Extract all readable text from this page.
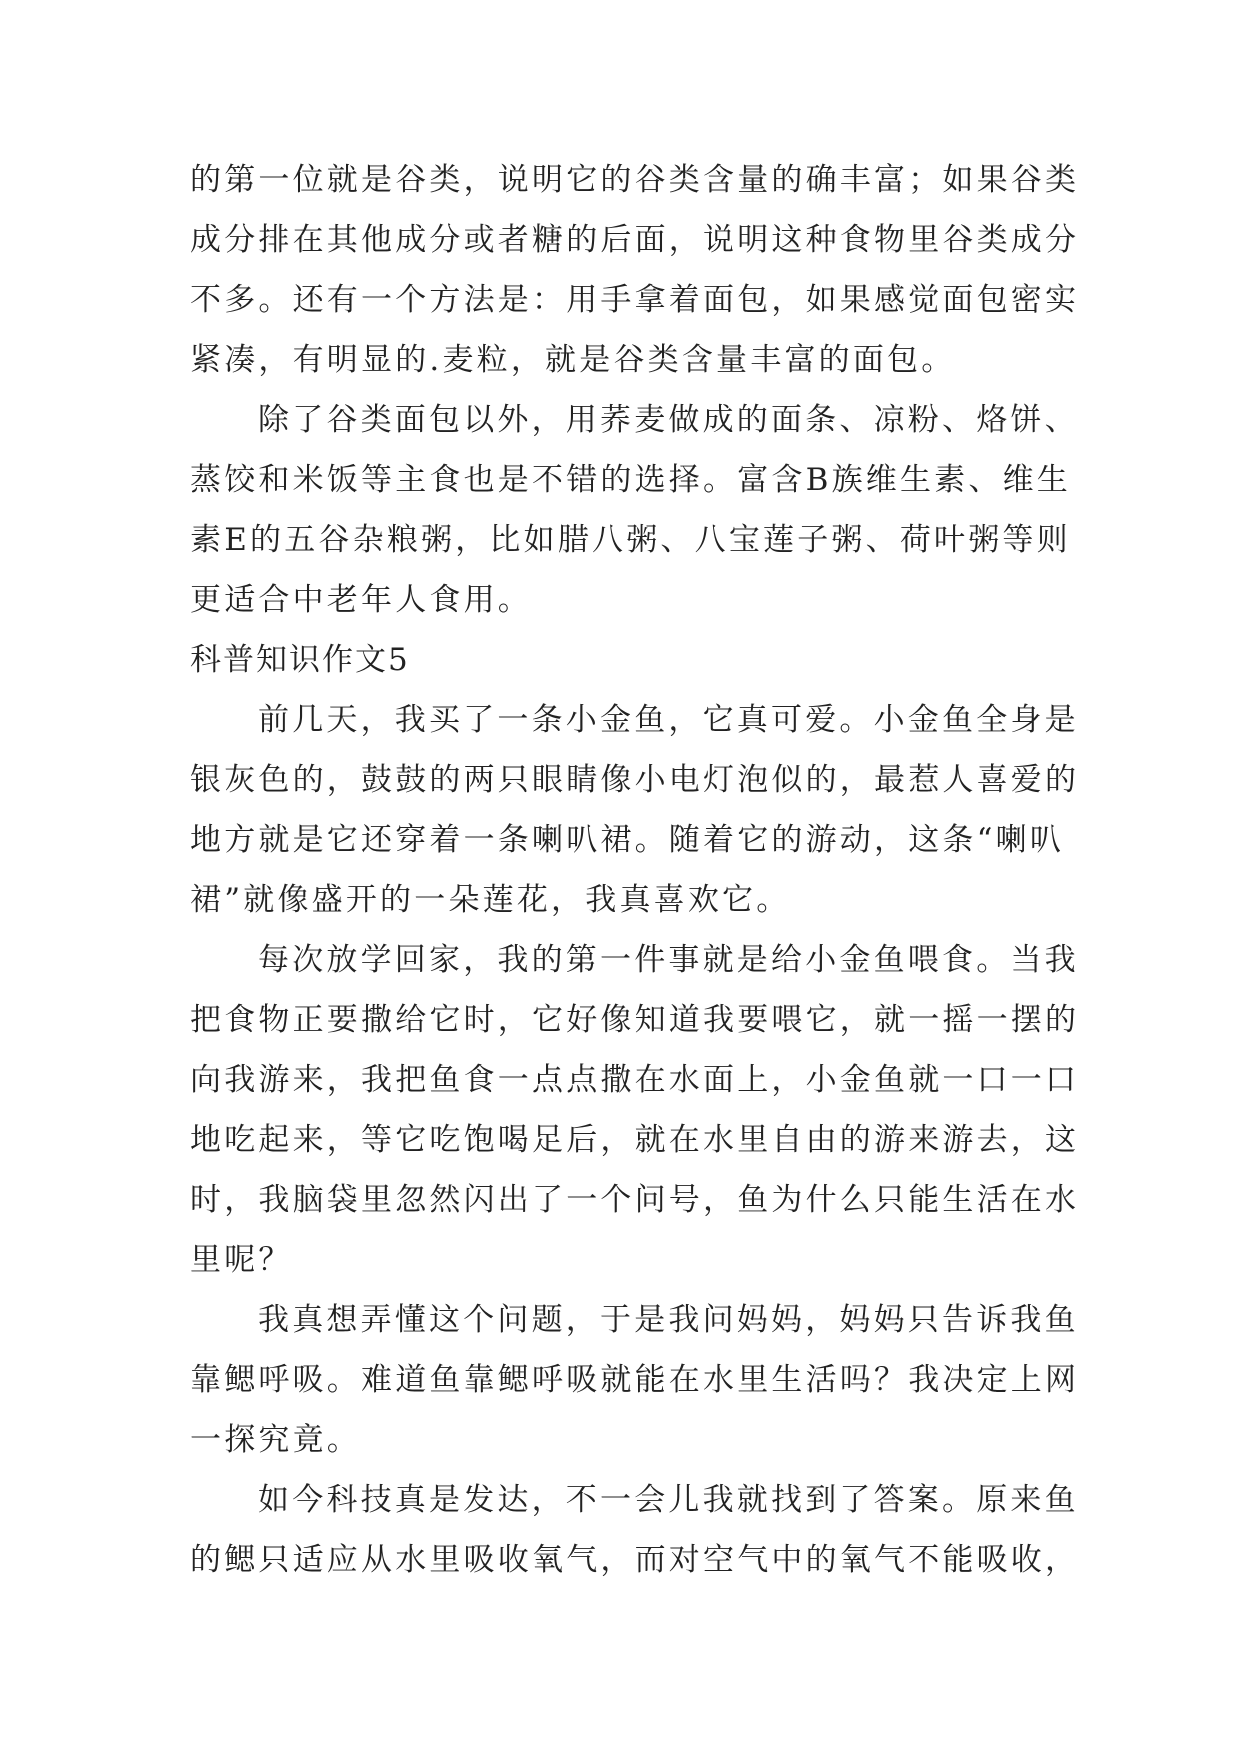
的第一位就是谷类，说明它的谷类含量的确丰富；如果谷类
成分排在其他成分或者糖的后面，说明这种食物里谷类成分
不多。还有一个方法是：用手拿着面包，如果感觉面包密实
紧凑，有明显的.麦粒，就是谷类含量丰富的面包。
除了谷类面包以外，用荞麦做成的面条、凉粉、烙饼、
蒸饺和米饭等主食也是不错的选择。富含B族维生素、维生
素E的五谷杂粮粥，比如腊八粥、八宝莲子粥、荷叶粥等则
更适合中老年人食用。
科普知识作文5
前几天，我买了一条小金鱼，它真可爱。小金鱼全身是
银灰色的，鼓鼓的两只眼睛像小电灯泡似的，最惹人喜爱的
地方就是它还穿着一条喇叭裙。随着它的游动，这条“喇叭
裙”就像盛开的一朵莲花，我真喜欢它。
每次放学回家，我的第一件事就是给小金鱼喂食。当我
把食物正要撒给它时，它好像知道我要喂它，就一摇一摆的
向我游来，我把鱼食一点点撒在水面上，小金鱼就一口一口
地吃起来，等它吃饱喝足后，就在水里自由的游来游去，这
时，我脑袋里忽然闪出了一个问号，鱼为什么只能生活在水
里呢？
我真想弄懂这个问题，于是我问妈妈，妈妈只告诉我鱼
靠鳃呼吸。难道鱼靠鳃呼吸就能在水里生活吗？我决定上网
一探究竟。
如今科技真是发达，不一会儿我就找到了答案。原来鱼
的鳃只适应从水里吸收氧气，而对空气中的氧气不能吸收，
